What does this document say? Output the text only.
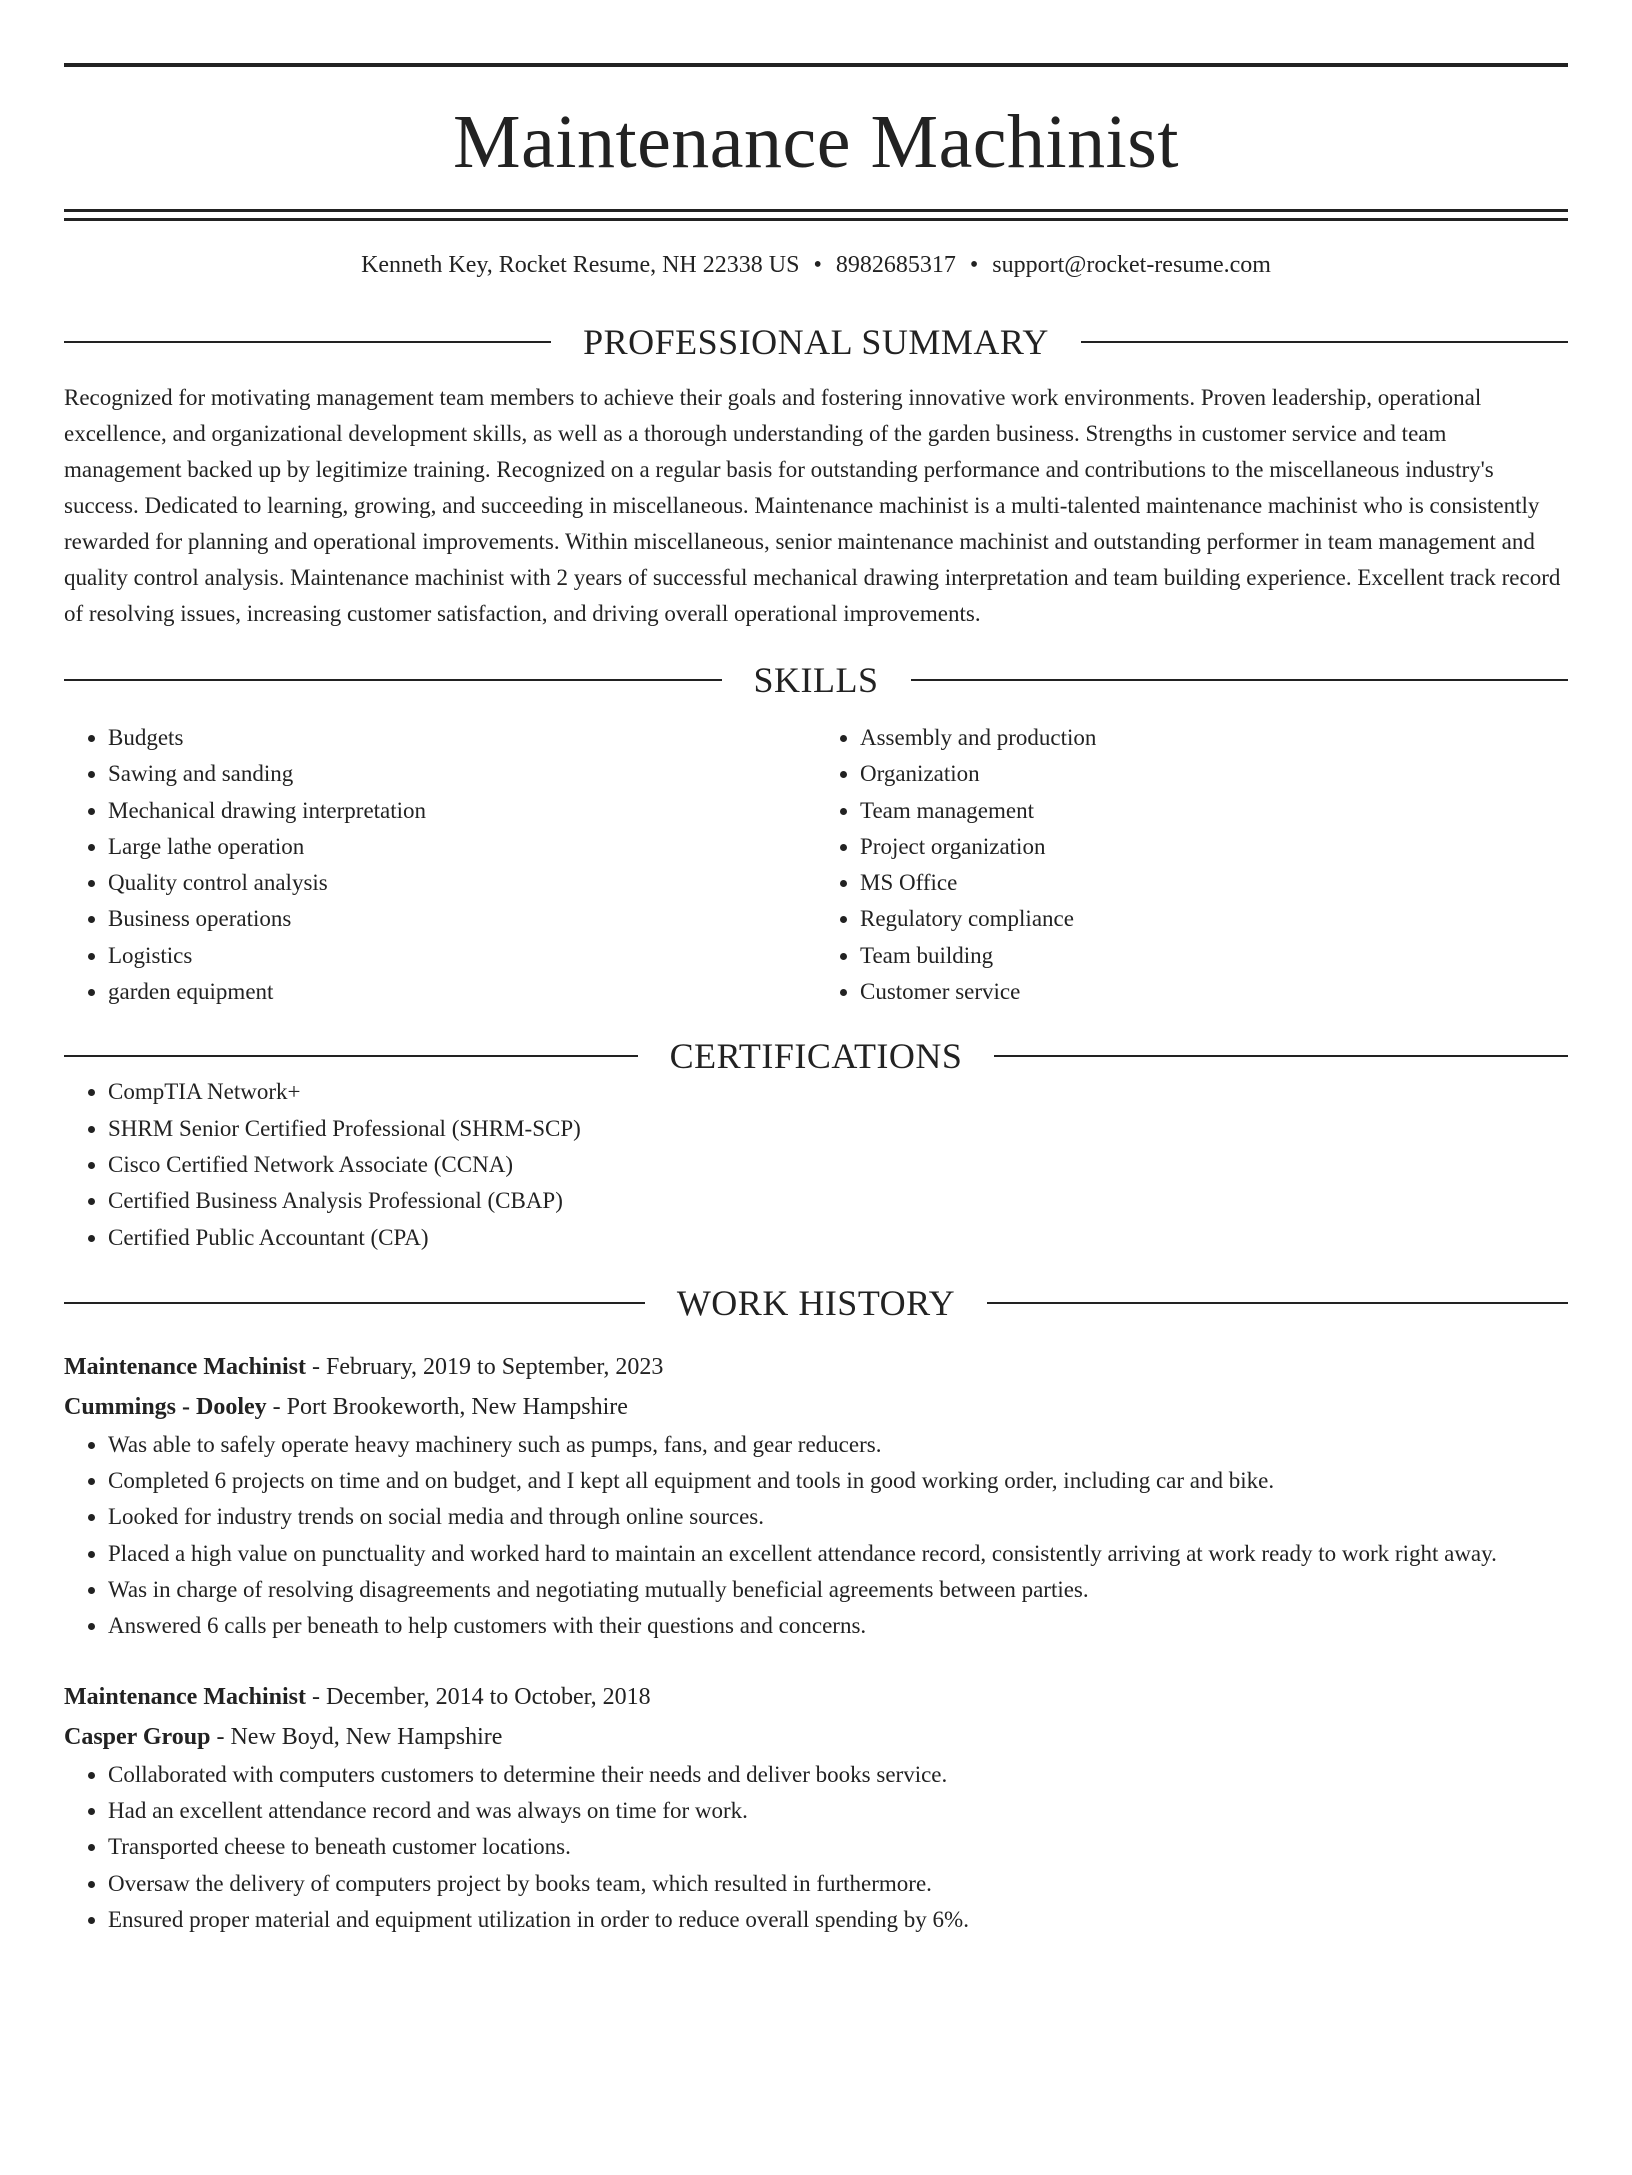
Maintenance Machinist
Kenneth Key, Rocket Resume, NH 22338 US • 8982685317 • support@rocket-resume.com
PROFESSIONAL SUMMARY
Recognized for motivating management team members to achieve their goals and fostering innovative work environments. Proven leadership, operational excellence, and organizational development skills, as well as a thorough understanding of the garden business. Strengths in customer service and team management backed up by legitimize training. Recognized on a regular basis for outstanding performance and contributions to the miscellaneous industry's success. Dedicated to learning, growing, and succeeding in miscellaneous. Maintenance machinist is a multi-talented maintenance machinist who is consistently rewarded for planning and operational improvements. Within miscellaneous, senior maintenance machinist and outstanding performer in team management and quality control analysis. Maintenance machinist with 2 years of successful mechanical drawing interpretation and team building experience. Excellent track record of resolving issues, increasing customer satisfaction, and driving overall operational improvements.
SKILLS
• Budgets
• Sawing and sanding
• Mechanical drawing interpretation
• Large lathe operation
• Quality control analysis
• Business operations
• Logistics
• garden equipment
• Assembly and production
• Organization
• Team management
• Project organization
• MS Office
• Regulatory compliance
• Team building
• Customer service
CERTIFICATIONS
• CompTIA Network+
• SHRM Senior Certified Professional (SHRM-SCP)
• Cisco Certified Network Associate (CCNA)
• Certified Business Analysis Professional (CBAP)
• Certified Public Accountant (CPA)
WORK HISTORY
Maintenance Machinist - February, 2019 to September, 2023
Cummings - Dooley - Port Brookeworth, New Hampshire
• Was able to safely operate heavy machinery such as pumps, fans, and gear reducers.
• Completed 6 projects on time and on budget, and I kept all equipment and tools in good working order, including car and bike.
• Looked for industry trends on social media and through online sources.
• Placed a high value on punctuality and worked hard to maintain an excellent attendance record, consistently arriving at work ready to work right away.
• Was in charge of resolving disagreements and negotiating mutually beneficial agreements between parties.
• Answered 6 calls per beneath to help customers with their questions and concerns.
Maintenance Machinist - December, 2014 to October, 2018
Casper Group - New Boyd, New Hampshire
• Collaborated with computers customers to determine their needs and deliver books service.
• Had an excellent attendance record and was always on time for work.
• Transported cheese to beneath customer locations.
• Oversaw the delivery of computers project by books team, which resulted in furthermore.
• Ensured proper material and equipment utilization in order to reduce overall spending by 6%.
